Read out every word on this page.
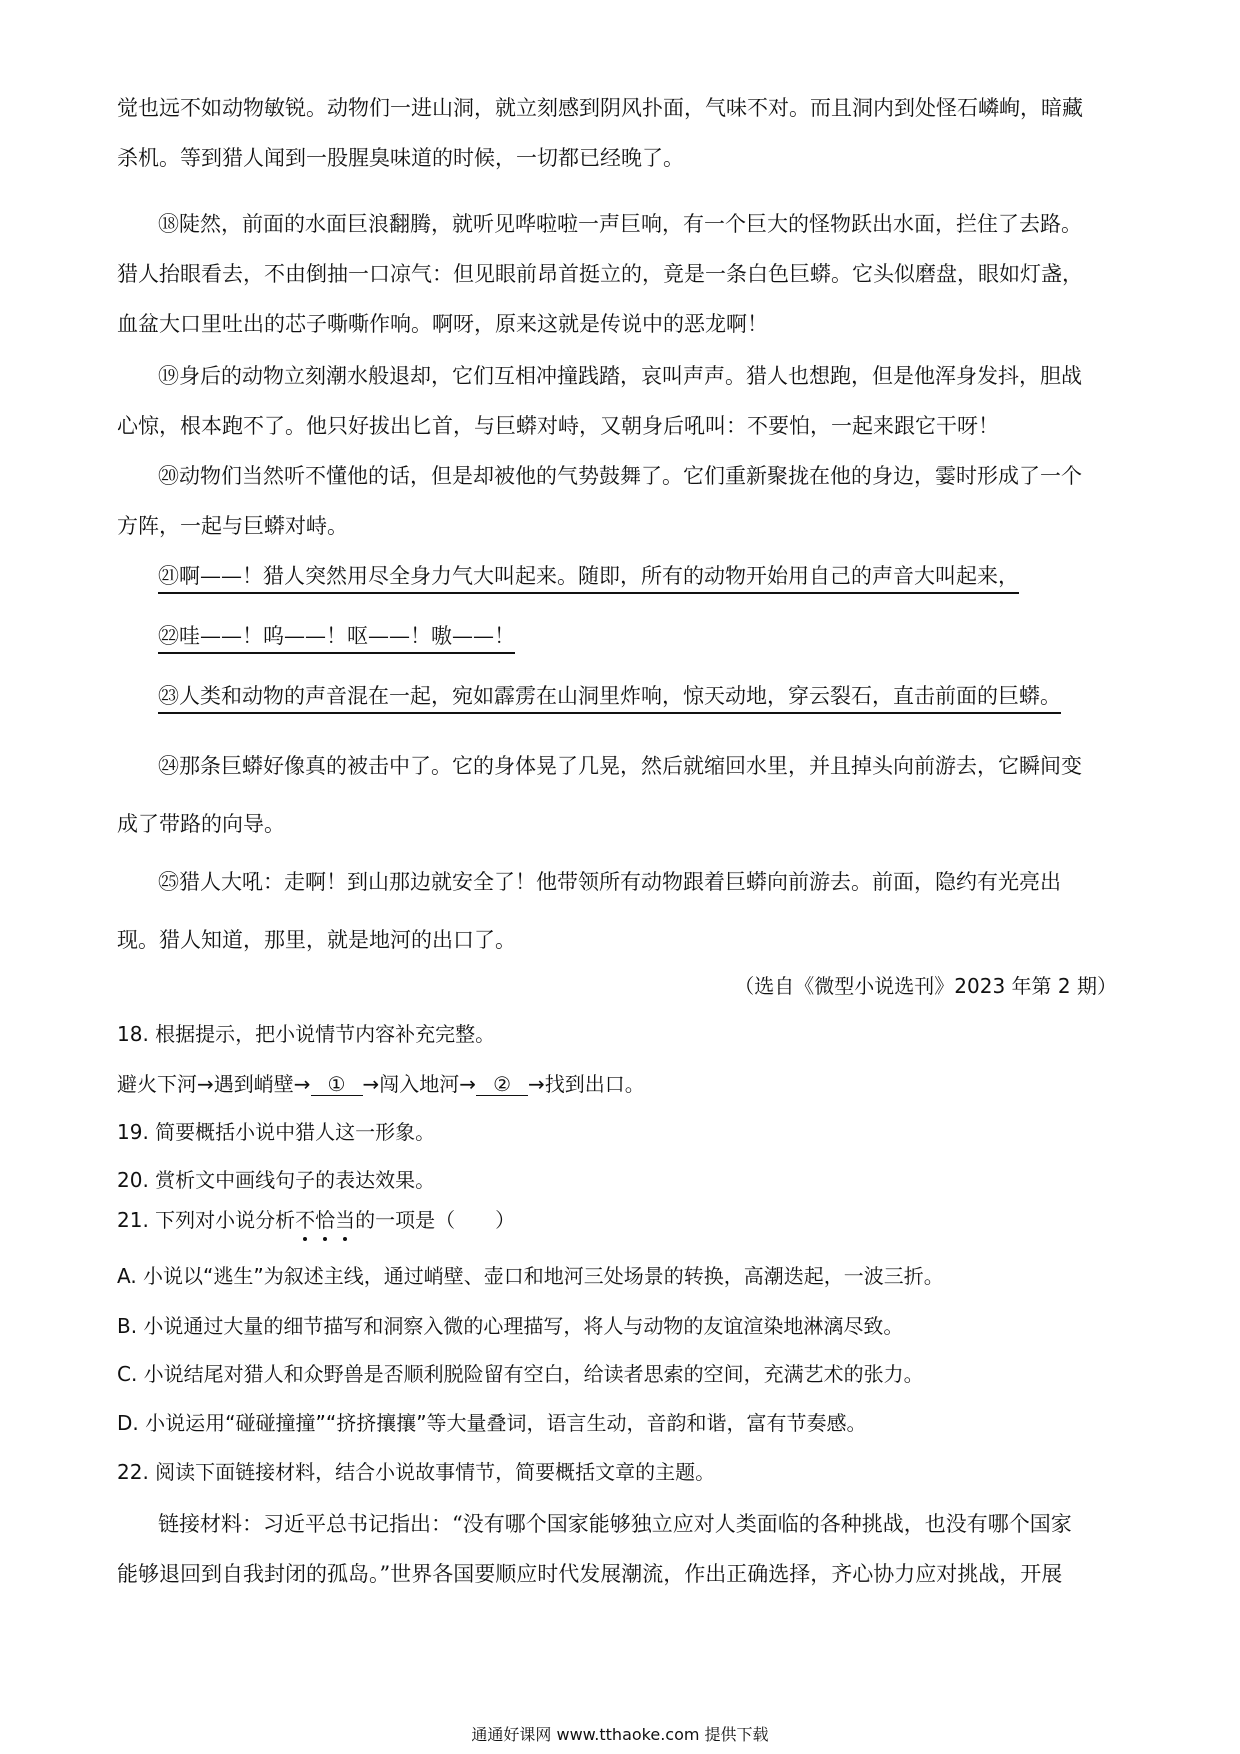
觉也远不如动物敏锐。动物们一进山洞，就立刻感到阴风扑面，气味不对。而且洞内到处怪石嶙峋，暗藏
杀机。等到猎人闻到一股腥臭味道的时候，一切都已经晚了。
⑱陡然，前面的水面巨浪翻腾，就听见哗啦啦一声巨响，有一个巨大的怪物跃出水面，拦住了去路。
猎人抬眼看去，不由倒抽一口凉气：但见眼前昂首挺立的，竟是一条白色巨蟒。它头似磨盘，眼如灯盏，
血盆大口里吐出的芯子嘶嘶作响。啊呀，原来这就是传说中的恶龙啊！
⑲身后的动物立刻潮水般退却，它们互相冲撞践踏，哀叫声声。猎人也想跑，但是他浑身发抖，胆战
心惊，根本跑不了。他只好拔出匕首，与巨蟒对峙，又朝身后吼叫：不要怕，一起来跟它干呀！
⑳动物们当然听不懂他的话，但是却被他的气势鼓舞了。它们重新聚拢在他的身边，霎时形成了一个
方阵，一起与巨蟒对峙。
㉑啊——！猎人突然用尽全身力气大叫起来。随即，所有的动物开始用自己的声音大叫起来，
㉒哇——！呜——！呕——！嗷——！
㉓人类和动物的声音混在一起，宛如霹雳在山洞里炸响，惊天动地，穿云裂石，直击前面的巨蟒。
㉔那条巨蟒好像真的被击中了。它的身体晃了几晃，然后就缩回水里，并且掉头向前游去，它瞬间变
成了带路的向导。
㉕猎人大吼：走啊！到山那边就安全了！他带领所有动物跟着巨蟒向前游去。前面，隐约有光亮出
现。猎人知道，那里，就是地河的出口了。
（选自《微型小说选刊》2023 年第 2 期）
18. 根据提示，把小说情节内容补充完整。
避火下河→遇到峭壁→ ① →闯入地河→ ② →找到出口。
19. 简要概括小说中猎人这一形象。
20. 赏析文中画线句子的表达效果。
21. 下列对小说分析不恰当的一项是（　　）
A. 小说以“逃生”为叙述主线，通过峭壁、壶口和地河三处场景的转换，高潮迭起，一波三折。
B. 小说通过大量的细节描写和洞察入微的心理描写，将人与动物的友谊渲染地淋漓尽致。
C. 小说结尾对猎人和众野兽是否顺利脱险留有空白，给读者思索的空间，充满艺术的张力。
D. 小说运用“碰碰撞撞”“挤挤攘攘”等大量叠词，语言生动，音韵和谐，富有节奏感。
22. 阅读下面链接材料，结合小说故事情节，简要概括文章的主题。
链接材料：习近平总书记指出：“没有哪个国家能够独立应对人类面临的各种挑战，也没有哪个国家
能够退回到自我封闭的孤岛。”世界各国要顺应时代发展潮流，作出正确选择，齐心协力应对挑战，开展
通通好课网 www.tthaoke.com 提供下载
